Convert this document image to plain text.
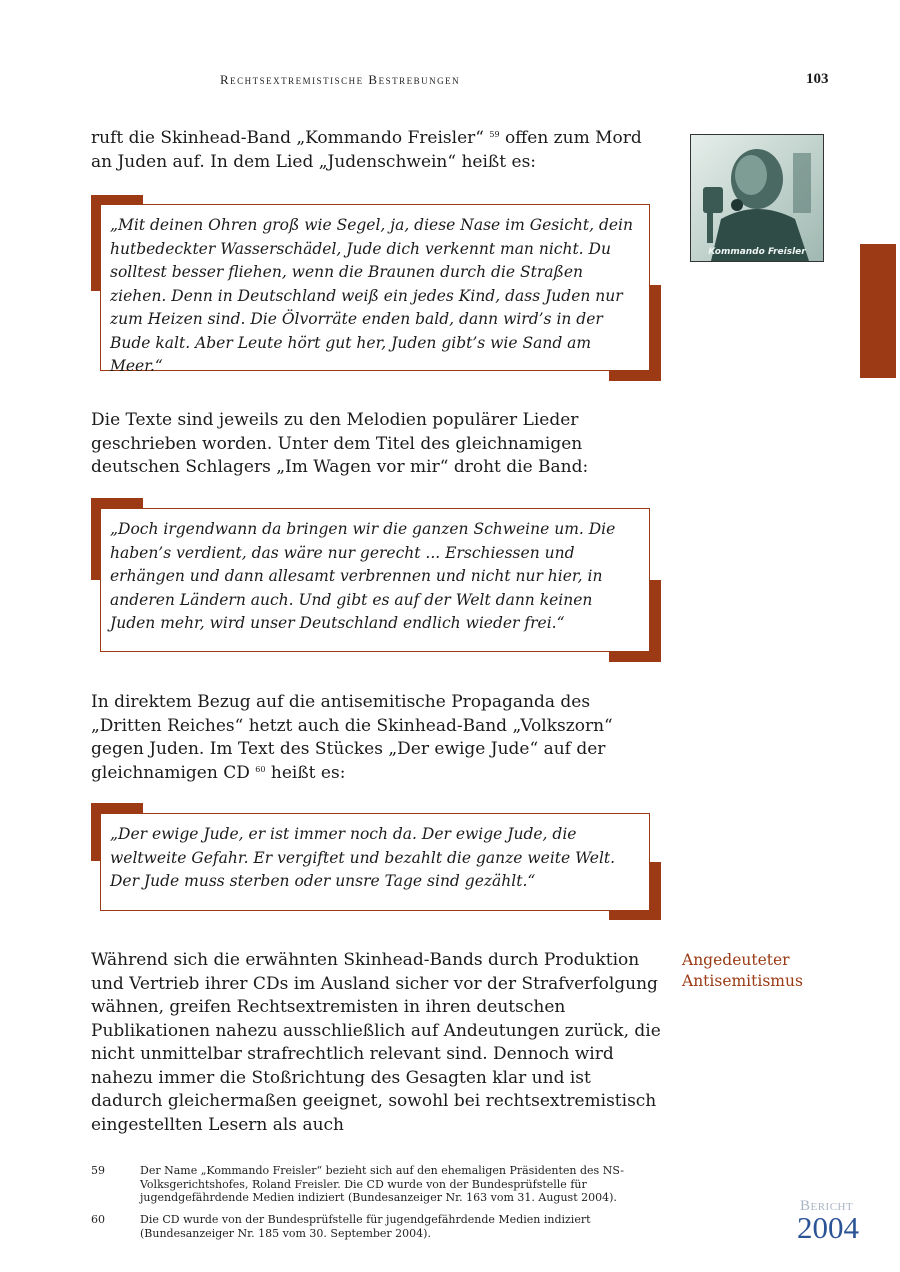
Rechtsextremistische Bestrebungen	103
ruft die Skinhead-Band „Kommando Freisler“ $^{59}$ offen zum Mord an Juden auf. In dem Lied „Judenschwein“ heißt es:
„Mit deinen Ohren groß wie Segel, ja, diese Nase im Gesicht, dein hutbedeckter Wasserschädel, Jude dich verkennt man nicht. Du solltest besser fliehen, wenn die Braunen durch die Straßen ziehen. Denn in Deutschland weiß ein jedes Kind, dass Juden nur zum Heizen sind. Die Ölvorräte enden bald, dann wird’s in der Bude kalt. Aber Leute hört gut her, Juden gibt’s wie Sand am Meer.“
Die Texte sind jeweils zu den Melodien populärer Lieder geschrieben worden. Unter dem Titel des gleichnamigen deutschen Schlagers „Im Wagen vor mir“ droht die Band:
„Doch irgendwann da bringen wir die ganzen Schweine um. Die haben’s verdient, das wäre nur gerecht ... Erschiessen und erhängen und dann allesamt verbrennen und nicht nur hier, in anderen Ländern auch. Und gibt es auf der Welt dann keinen Juden mehr, wird unser Deutschland endlich wieder frei.“
In direktem Bezug auf die antisemitische Propaganda des „Dritten Reiches“ hetzt auch die Skinhead-Band „Volkszorn“ gegen Juden. Im Text des Stückes „Der ewige Jude“ auf der gleichnamigen CD $^{60}$ heißt es:
„Der ewige Jude, er ist immer noch da. Der ewige Jude, die weltweite Gefahr. Er vergiftet und bezahlt die ganze weite Welt. Der Jude muss sterben oder unsre Tage sind gezählt.“
Während sich die erwähnten Skinhead-Bands durch Produktion und Vertrieb ihrer CDs im Ausland sicher vor der Strafverfolgung wähnen, greifen Rechtsextremisten in ihren deutschen Publikationen nahezu ausschließlich auf Andeutungen zurück, die nicht unmittelbar strafrechtlich relevant sind. Dennoch wird nahezu immer die Stoßrichtung des Gesagten klar und ist dadurch gleichermaßen geeignet, sowohl bei rechtsextremistisch eingestellten Lesern als auch
Angedeuteter Antisemitismus
Kommando Freisler
59	Der Name „Kommando Freisler“ bezieht sich auf den ehemaligen Präsidenten des NS-Volksgerichtshofes, Roland Freisler. Die CD wurde von der Bundesprüfstelle für jugendgefährdende Medien indiziert (Bundesanzeiger Nr. 163 vom 31. August 2004).
60	Die CD wurde von der Bundesprüfstelle für jugendgefährdende Medien indiziert (Bundesanzeiger Nr. 185 vom 30. September 2004).
Bericht
2004
